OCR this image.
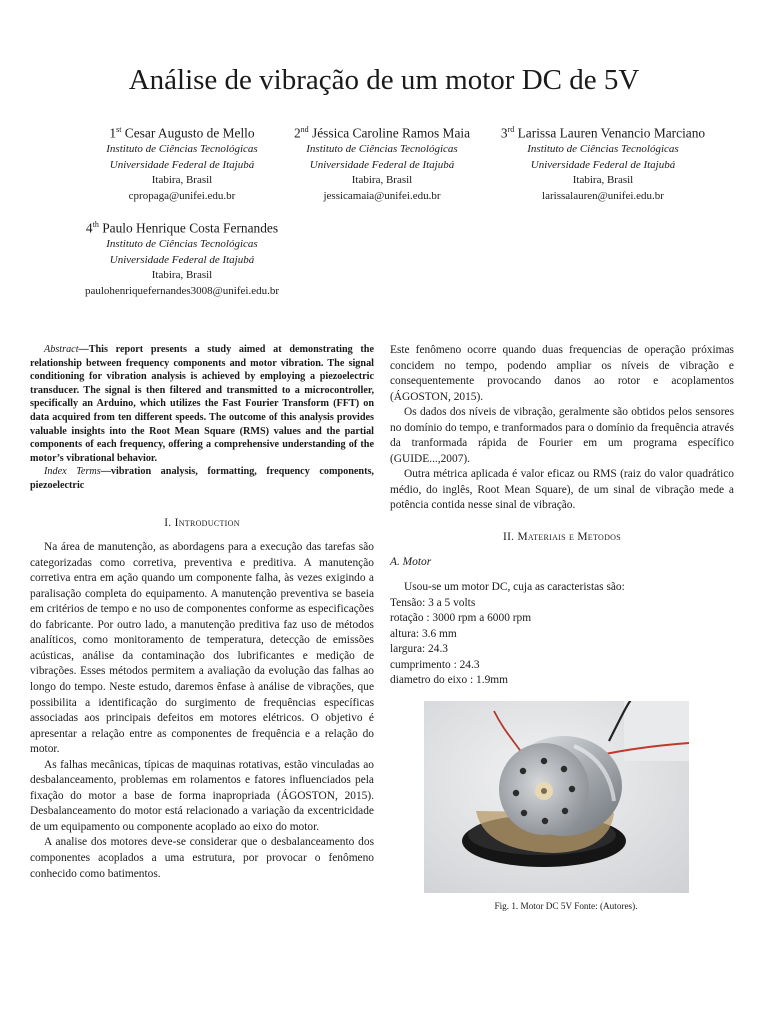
Análise de vibração de um motor DC de 5V
1st Cesar Augusto de Mello
Instituto de Ciências Tecnológicas
Universidade Federal de Itajubá
Itabira, Brasil
cpropaga@unifei.edu.br
2nd Jéssica Caroline Ramos Maia
Instituto de Ciências Tecnológicas
Universidade Federal de Itajubá
Itabira, Brasil
jessicamaia@unifei.edu.br
3rd Larissa Lauren Venancio Marciano
Instituto de Ciências Tecnológicas
Universidade Federal de Itajubá
Itabira, Brasil
larissalauren@unifei.edu.br
4th Paulo Henrique Costa Fernandes
Instituto de Ciências Tecnológicas
Universidade Federal de Itajubá
Itabira, Brasil
paulohenriquefernandes3008@unifei.edu.br

Abstract—This report presents a study aimed at demonstrating the relationship between frequency components and motor vibration. The signal conditioning for vibration analysis is achieved by employing a piezoelectric transducer. The signal is then filtered and transmitted to a microcontroller, specifically an Arduino, which utilizes the Fast Fourier Transform (FFT) on data acquired from ten different speeds. The outcome of this analysis provides valuable insights into the Root Mean Square (RMS) values and the partial components of each frequency, offering a comprehensive understanding of the motor’s vibrational behavior.

Index Terms—vibration analysis, formatting, frequency components, piezoelectric

I. Introduction

Na área de manutenção, as abordagens para a execução das tarefas são categorizadas como corretiva, preventiva e preditiva. A manutenção corretiva entra em ação quando um componente falha, às vezes exigindo a paralisação completa do equipamento. A manutenção preventiva se baseia em critérios de tempo e no uso de componentes conforme as especificações do fabricante. Por outro lado, a manutenção preditiva faz uso de métodos analíticos, como monitoramento de temperatura, detecção de emissões acústicas, análise da contaminação dos lubrificantes e medição de vibrações. Esses métodos permitem a avaliação da evolução das falhas ao longo do tempo. Neste estudo, daremos ênfase à análise de vibrações, que possibilita a identificação do surgimento de frequências específicas associadas aos principais defeitos em motores elétricos. O objetivo é apresentar a relação entre as componentes de frequência e a relação do motor.

As falhas mecânicas, típicas de maquinas rotativas, estão vinculadas ao desbalanceamento, problemas em rolamentos e fatores influenciados pela fixação do motor a base de forma inapropriada (ÁGOSTON, 2015). Desbalanceamento do motor está relacionado a variação da excentricidade de um equipamento ou componente acoplado ao eixo do motor.

A analise dos motores deve-se considerar que o desbalanceamento dos componentes acoplados a uma estrutura, por provocar o fenômeno conhecido como batimentos.

Este fenômeno ocorre quando duas frequencias de operação próximas concidem no tempo, podendo ampliar os níveis de vibração e consequentemente provocando danos ao rotor e acoplamentos (ÁGOSTON, 2015).

Os dados dos níveis de vibração, geralmente são obtidos pelos sensores no domínio do tempo, e tranformados para o domínio da frequência através da tranformada rápida de Fourier em um programa específico (GUIDE...,2007).

Outra métrica aplicada é valor eficaz ou RMS (raiz do valor quadrático médio, do inglês, Root Mean Square), de um sinal de vibração mede a potência contida nesse sinal de vibração.

II. Materiais e Metodos
A. Motor

Usou-se um motor DC, cuja as caracteristas são:

Tensão: 3 a 5 volts
rotação : 3000 rpm a 6000 rpm
altura: 3.6 mm
largura: 24.3
cumprimento : 24.3
diametro do eixo : 1.9mm
Fig. 1. Motor DC 5V Fonte: (Autores).
